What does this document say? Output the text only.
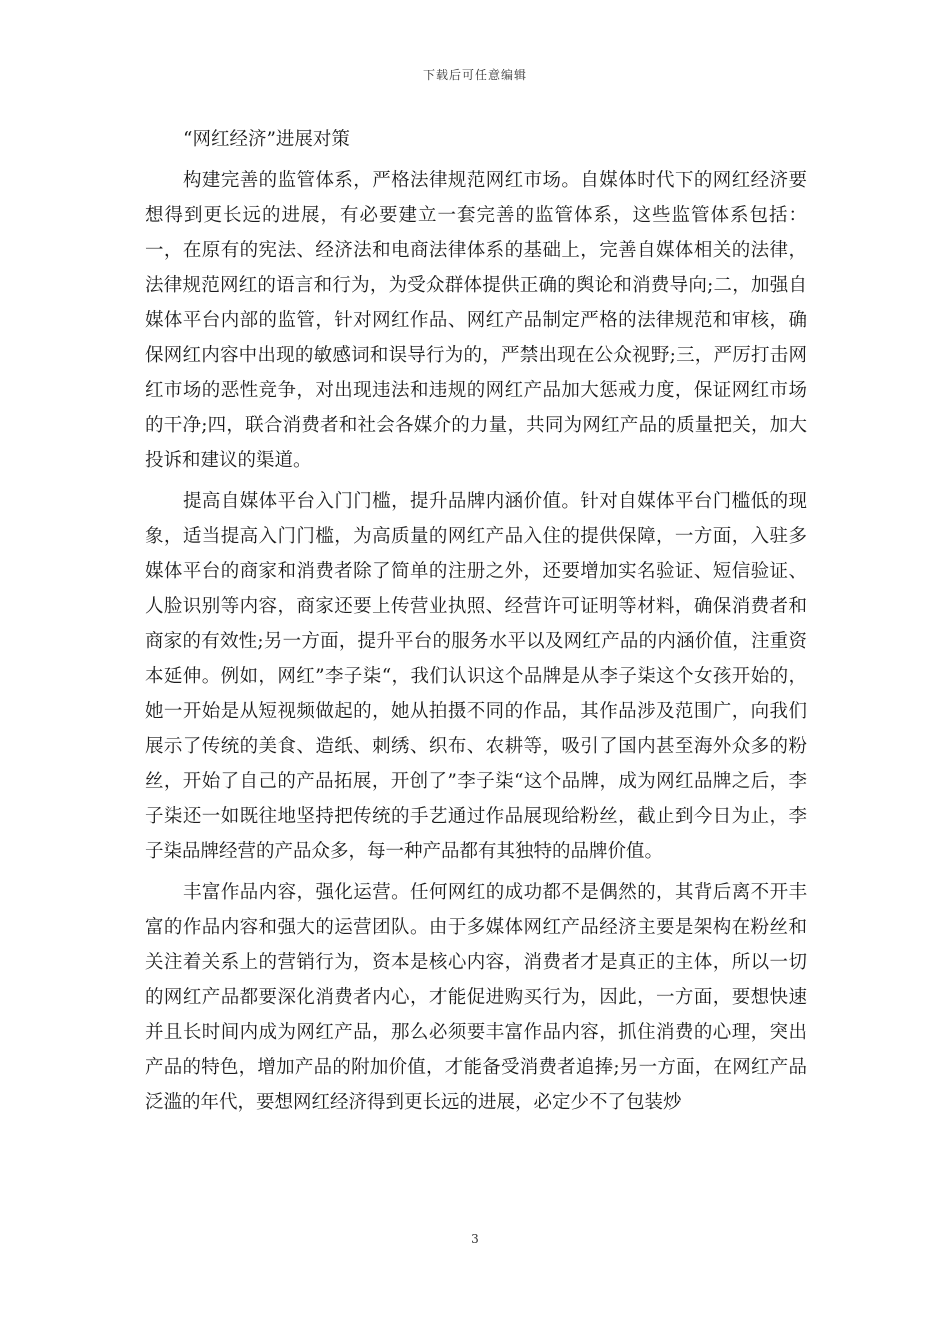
下载后可任意编辑

“网红经济”进展对策

构建完善的监管体系，严格法律规范网红市场。自媒体时代下的网红经济要想得到更长远的进展，有必要建立一套完善的监管体系，这些监管体系包括：一，在原有的宪法、经济法和电商法律体系的基础上，完善自媒体相关的法律，法律规范网红的语言和行为，为受众群体提供正确的舆论和消费导向;二，加强自媒体平台内部的监管，针对网红作品、网红产品制定严格的法律规范和审核，确保网红内容中出现的敏感词和误导行为的，严禁出现在公众视野;三，严厉打击网红市场的恶性竞争，对出现违法和违规的网红产品加大惩戒力度，保证网红市场的干净;四，联合消费者和社会各媒介的力量，共同为网红产品的质量把关，加大投诉和建议的渠道。

提高自媒体平台入门门槛，提升品牌内涵价值。针对自媒体平台门槛低的现象，适当提高入门门槛，为高质量的网红产品入住的提供保障，一方面，入驻多媒体平台的商家和消费者除了简单的注册之外，还要增加实名验证、短信验证、人脸识别等内容，商家还要上传营业执照、经营许可证明等材料，确保消费者和商家的有效性;另一方面，提升平台的服务水平以及网红产品的内涵价值，注重资本延伸。例如，网红”李子柒“，我们认识这个品牌是从李子柒这个女孩开始的，她一开始是从短视频做起的，她从拍摄不同的作品，其作品涉及范围广，向我们展示了传统的美食、造纸、刺绣、织布、农耕等，吸引了国内甚至海外众多的粉丝，开始了自己的产品拓展，开创了”李子柒“这个品牌，成为网红品牌之后，李子柒还一如既往地坚持把传统的手艺通过作品展现给粉丝，截止到今日为止，李子柒品牌经营的产品众多，每一种产品都有其独特的品牌价值。

丰富作品内容，强化运营。任何网红的成功都不是偶然的，其背后离不开丰富的作品内容和强大的运营团队。由于多媒体网红产品经济主要是架构在粉丝和关注着关系上的营销行为，资本是核心内容，消费者才是真正的主体，所以一切的网红产品都要深化消费者内心，才能促进购买行为，因此，一方面，要想快速并且长时间内成为网红产品，那么必须要丰富作品内容，抓住消费的心理，突出产品的特色，增加产品的附加价值，才能备受消费者追捧;另一方面，在网红产品泛滥的年代，要想网红经济得到更长远的进展，必定少不了包装炒

3
